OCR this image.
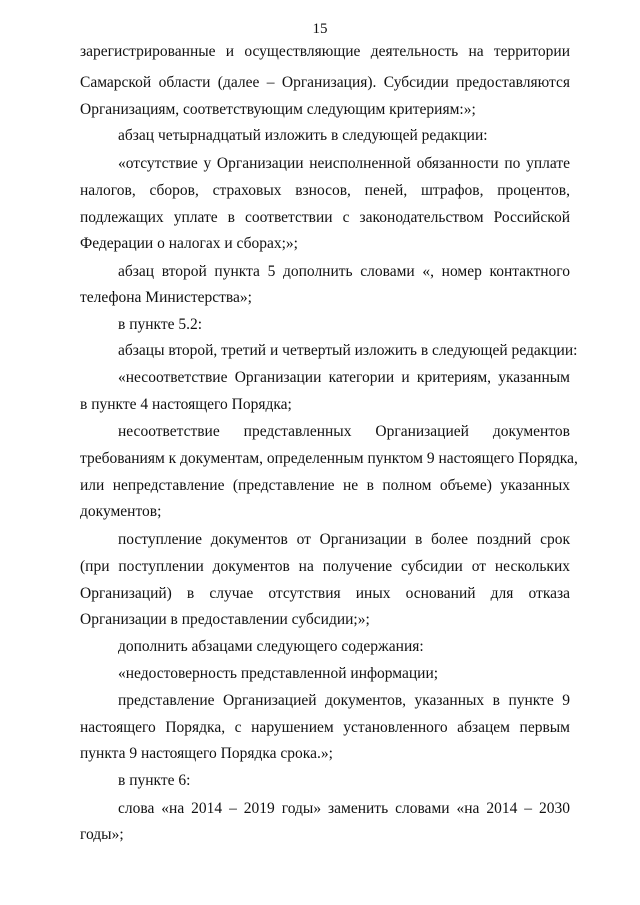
15
зарегистрированные и осуществляющие деятельность на территории
Самарской области (далее – Организация). Субсидии предоставляются
Организациям, соответствующим следующим критериям:»;
абзац четырнадцатый изложить в следующей редакции:
«отсутствие у Организации неисполненной обязанности по уплате
налогов, сборов, страховых взносов, пеней, штрафов, процентов,
подлежащих уплате в соответствии с законодательством Российской
Федерации о налогах и сборах;»;
абзац второй пункта 5 дополнить словами «, номер контактного
телефона Министерства»;
в пункте 5.2:
абзацы второй, третий и четвертый изложить в следующей редакции:
«несоответствие Организации категории и критериям, указанным
в пункте 4 настоящего Порядка;
несоответствие представленных Организацией документов
требованиям к документам, определенным пунктом 9 настоящего Порядка,
или непредставление (представление не в полном объеме) указанных
документов;
поступление документов от Организации в более поздний срок
(при поступлении документов на получение субсидии от нескольких
Организаций) в случае отсутствия иных оснований для отказа
Организации в предоставлении субсидии;»;
дополнить абзацами следующего содержания:
«недостоверность представленной информации;
представление Организацией документов, указанных в пункте 9
настоящего Порядка, с нарушением установленного абзацем первым
пункта 9 настоящего Порядка срока.»;
в пункте 6:
слова «на 2014 – 2019 годы» заменить словами «на 2014 – 2030
годы»;
